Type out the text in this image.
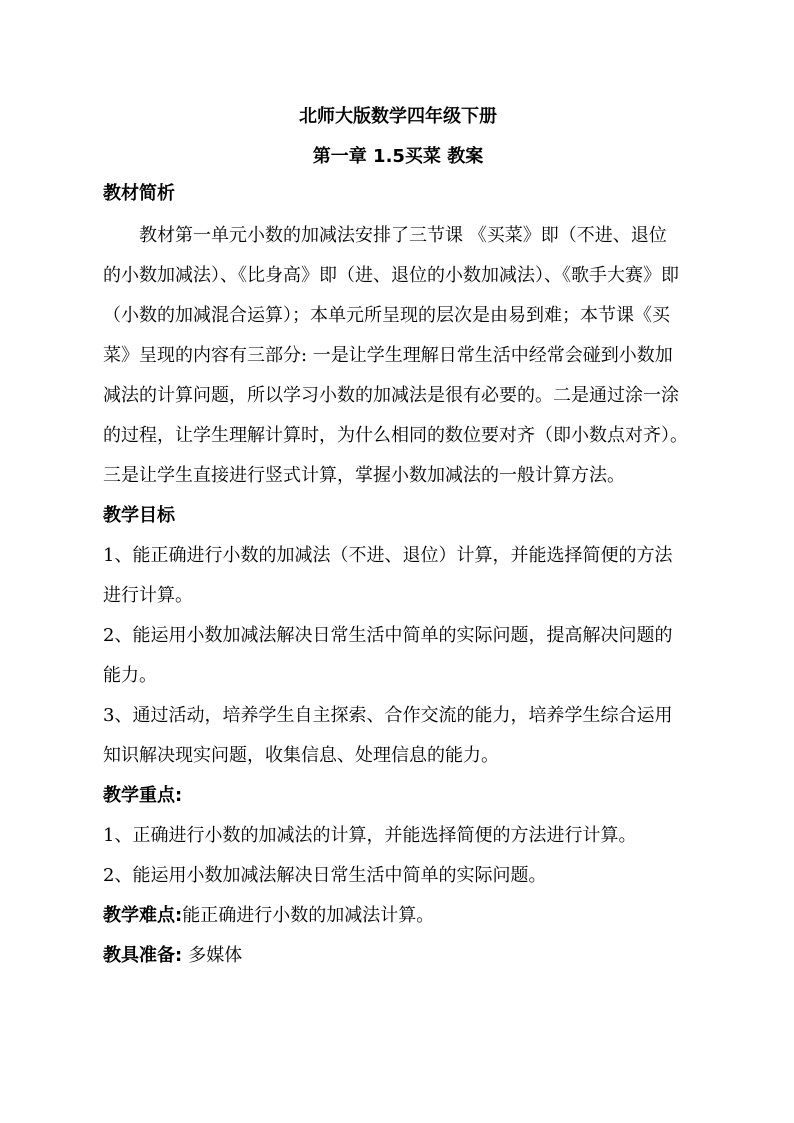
北师大版数学四年级下册

第一章 1.5买菜 教案

教材简析

教材第一单元小数的加减法安排了三节课 《买菜》即（不进、退位

的小数加减法）、《比身高》即（进、退位的小数加减法）、《歌手大赛》即

（小数的加减混合运算）；本单元所呈现的层次是由易到难；本节课《买

菜》呈现的内容有三部分: 一是让学生理解日常生活中经常会碰到小数加

减法的计算问题，所以学习小数的加减法是很有必要的。二是通过涂一涂

的过程，让学生理解计算时，为什么相同的数位要对齐（即小数点对齐）。

三是让学生直接进行竖式计算，掌握小数加减法的一般计算方法。

教学目标

1、能正确进行小数的加减法（不进、退位）计算，并能选择简便的方法

进行计算。

2、能运用小数加减法解决日常生活中简单的实际问题，提高解决问题的

能力。

3、通过活动，培养学生自主探索、合作交流的能力，培养学生综合运用

知识解决现实问题，收集信息、处理信息的能力。

教学重点:

1、正确进行小数的加减法的计算，并能选择简便的方法进行计算。

2、能运用小数加减法解决日常生活中简单的实际问题。

教学难点:能正确进行小数的加减法计算。

教具准备: 多媒体
